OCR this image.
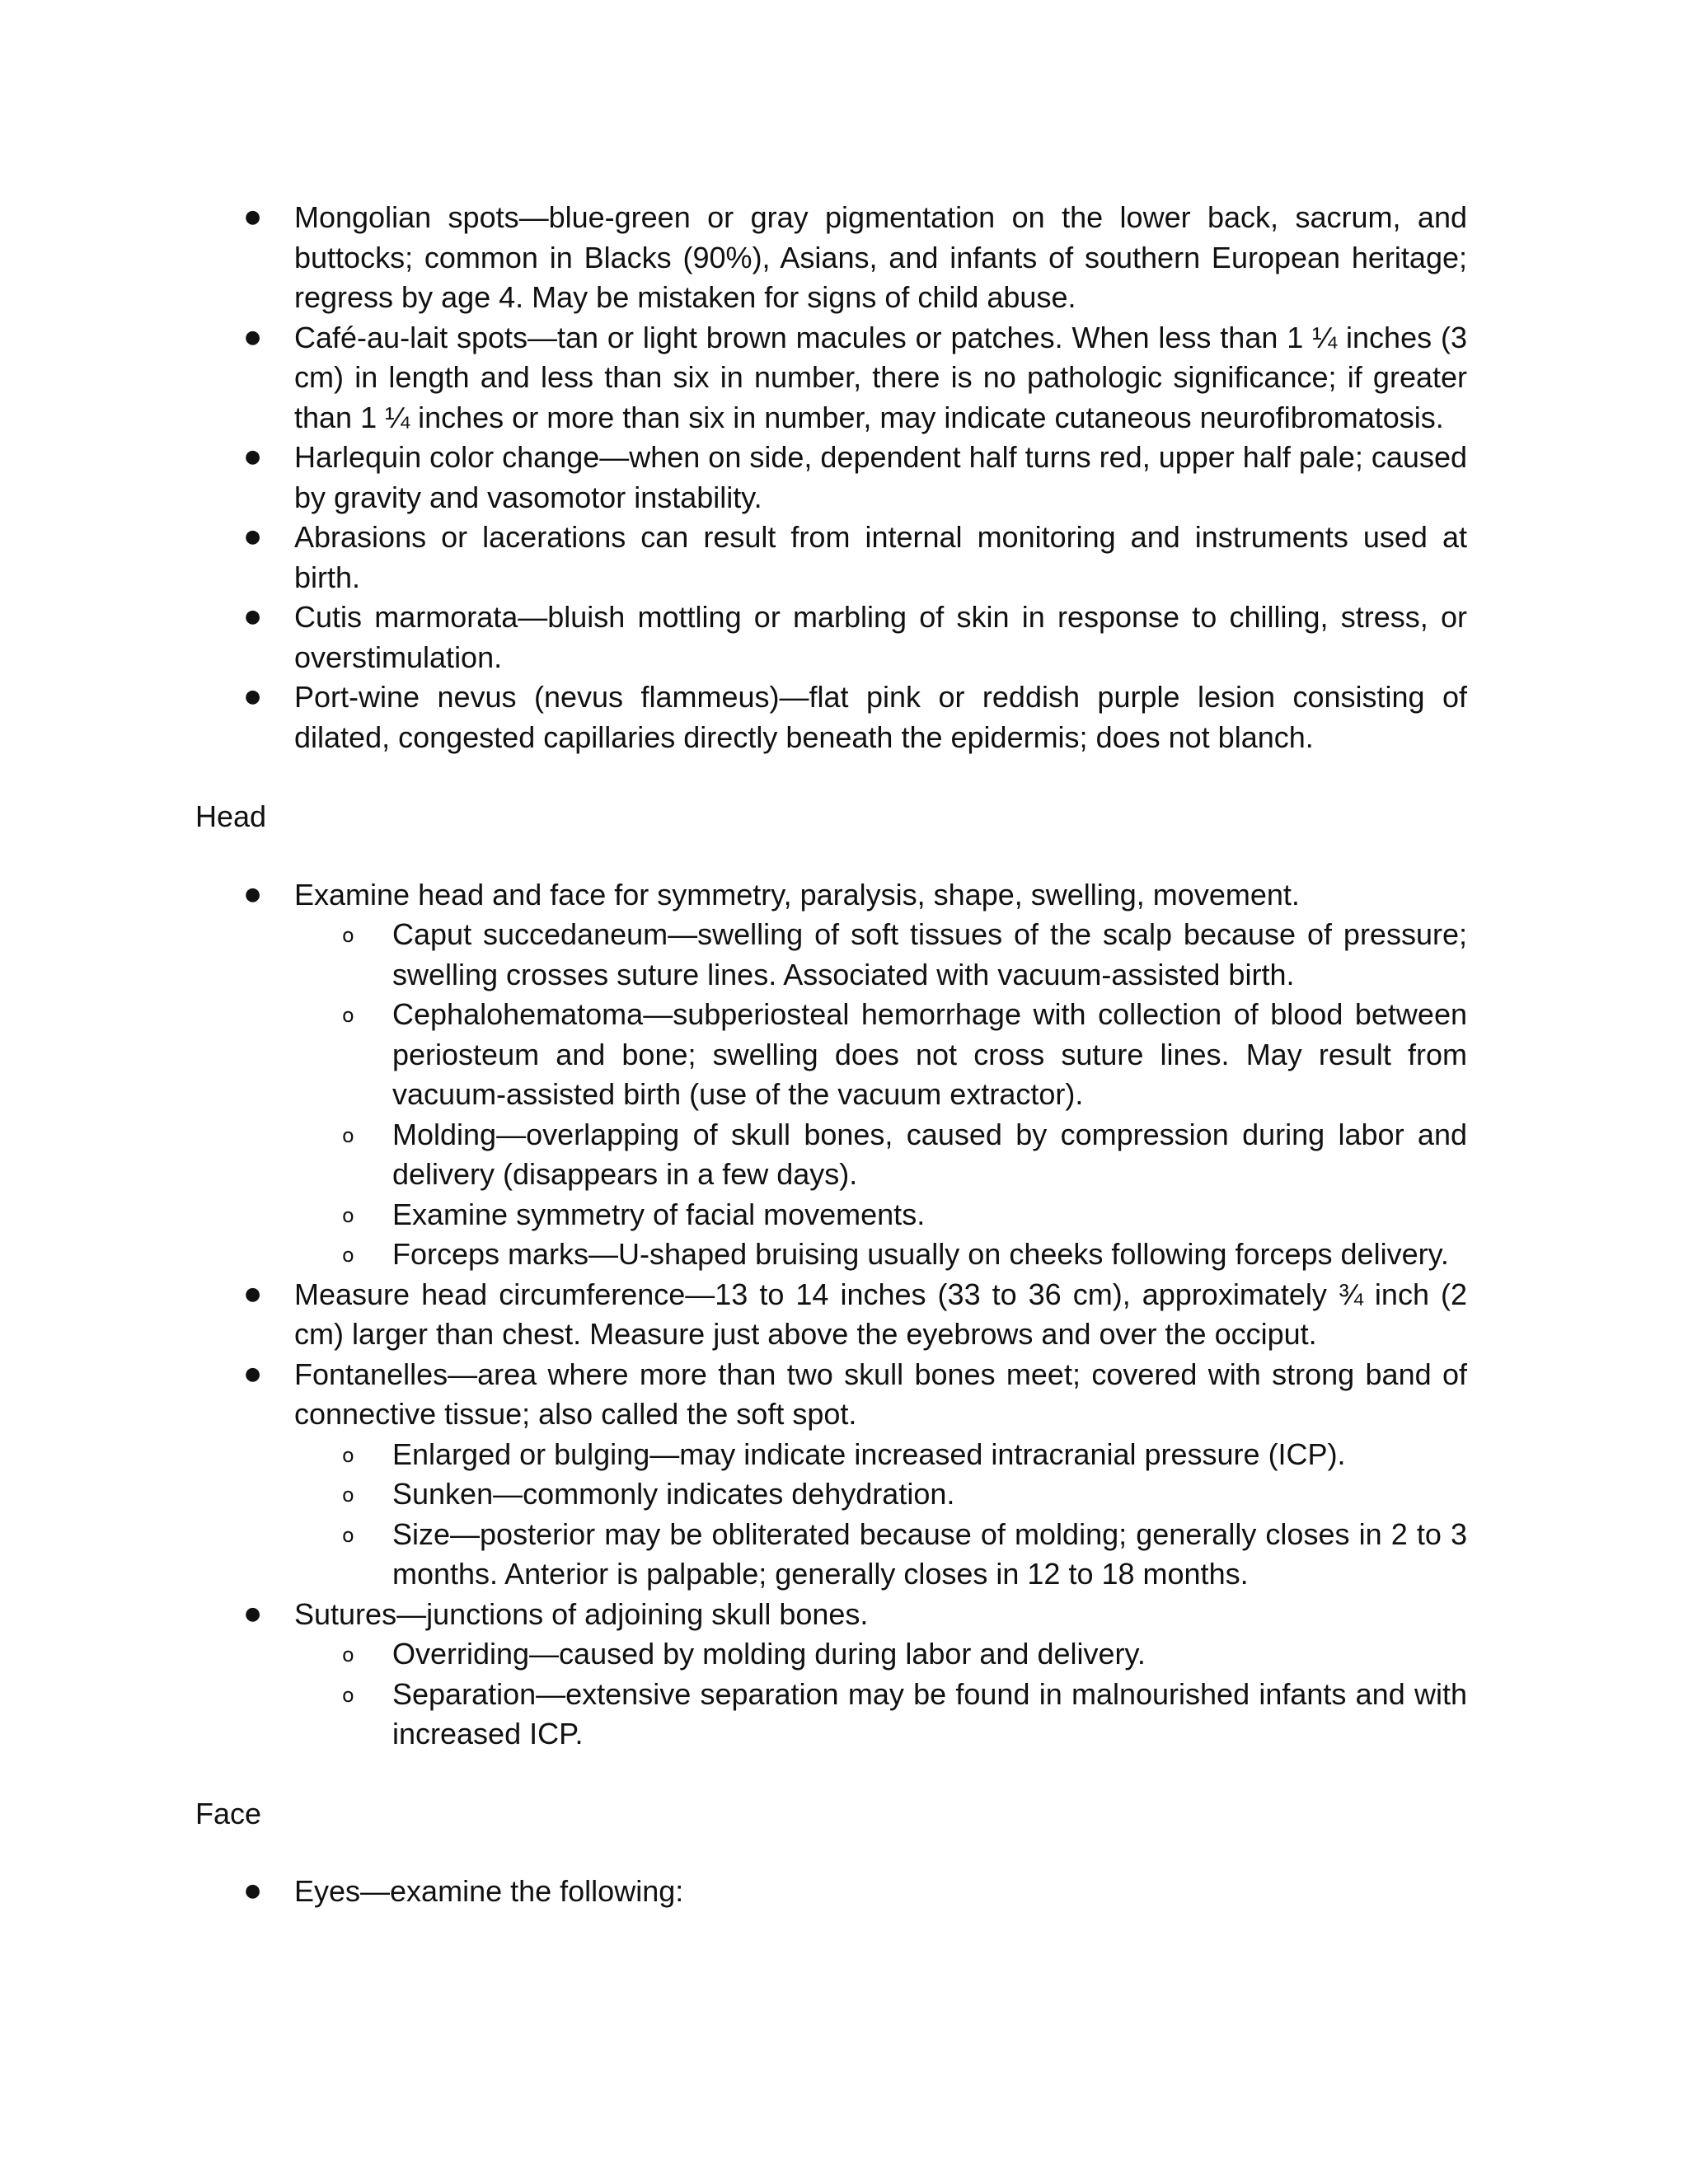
● Mongolian spots—blue-green or gray pigmentation on the lower back, sacrum, and buttocks; common in Blacks (90%), Asians, and infants of southern European heritage; regress by age 4. May be mistaken for signs of child abuse.
● Café-au-lait spots—tan or light brown macules or patches. When less than 1 ¼ inches (3 cm) in length and less than six in number, there is no pathologic significance; if greater than 1 ¼ inches or more than six in number, may indicate cutaneous neurofibromatosis.
● Harlequin color change—when on side, dependent half turns red, upper half pale; caused by gravity and vasomotor instability.
● Abrasions or lacerations can result from internal monitoring and instruments used at birth.
● Cutis marmorata—bluish mottling or marbling of skin in response to chilling, stress, or overstimulation.
● Port-wine nevus (nevus flammeus)—flat pink or reddish purple lesion consisting of dilated, congested capillaries directly beneath the epidermis; does not blanch.
Head
● Examine head and face for symmetry, paralysis, shape, swelling, movement.
o Caput succedaneum—swelling of soft tissues of the scalp because of pressure; swelling crosses suture lines. Associated with vacuum-assisted birth.
o Cephalohematoma—subperiosteal hemorrhage with collection of blood between periosteum and bone; swelling does not cross suture lines. May result from vacuum-assisted birth (use of the vacuum extractor).
o Molding—overlapping of skull bones, caused by compression during labor and delivery (disappears in a few days).
o Examine symmetry of facial movements.
o Forceps marks—U-shaped bruising usually on cheeks following forceps delivery.
● Measure head circumference—13 to 14 inches (33 to 36 cm), approximately ¾ inch (2 cm) larger than chest. Measure just above the eyebrows and over the occiput.
● Fontanelles—area where more than two skull bones meet; covered with strong band of connective tissue; also called the soft spot.
o Enlarged or bulging—may indicate increased intracranial pressure (ICP).
o Sunken—commonly indicates dehydration.
o Size—posterior may be obliterated because of molding; generally closes in 2 to 3 months. Anterior is palpable; generally closes in 12 to 18 months.
● Sutures—junctions of adjoining skull bones.
o Overriding—caused by molding during labor and delivery.
o Separation—extensive separation may be found in malnourished infants and with increased ICP.
Face
● Eyes—examine the following:
